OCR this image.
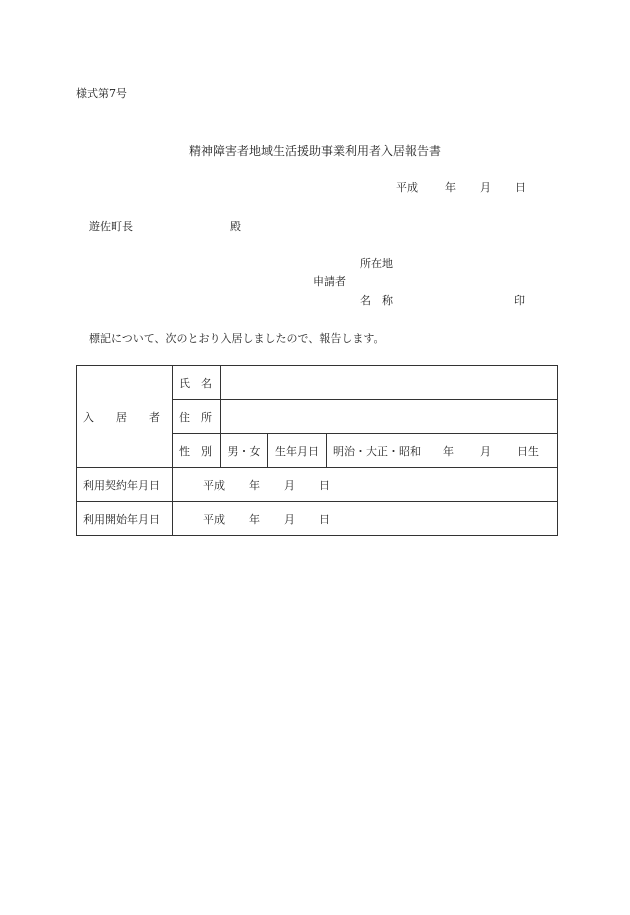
様式第7号
精神障害者地域生活援助事業利用者入居報告書
平成 年 月 日
遊佐町長	殿
所在地
申請者
名　称	印
標記について、次のとおり入居しましたので、報告します。
入　　居　　者	氏　名			
	住　所			
	性　別	男・女	生年月日	明治・大正・昭和 年 月 日生
利用契約年月日	平成 年 月 日			
利用開始年月日	平成 年 月 日			
